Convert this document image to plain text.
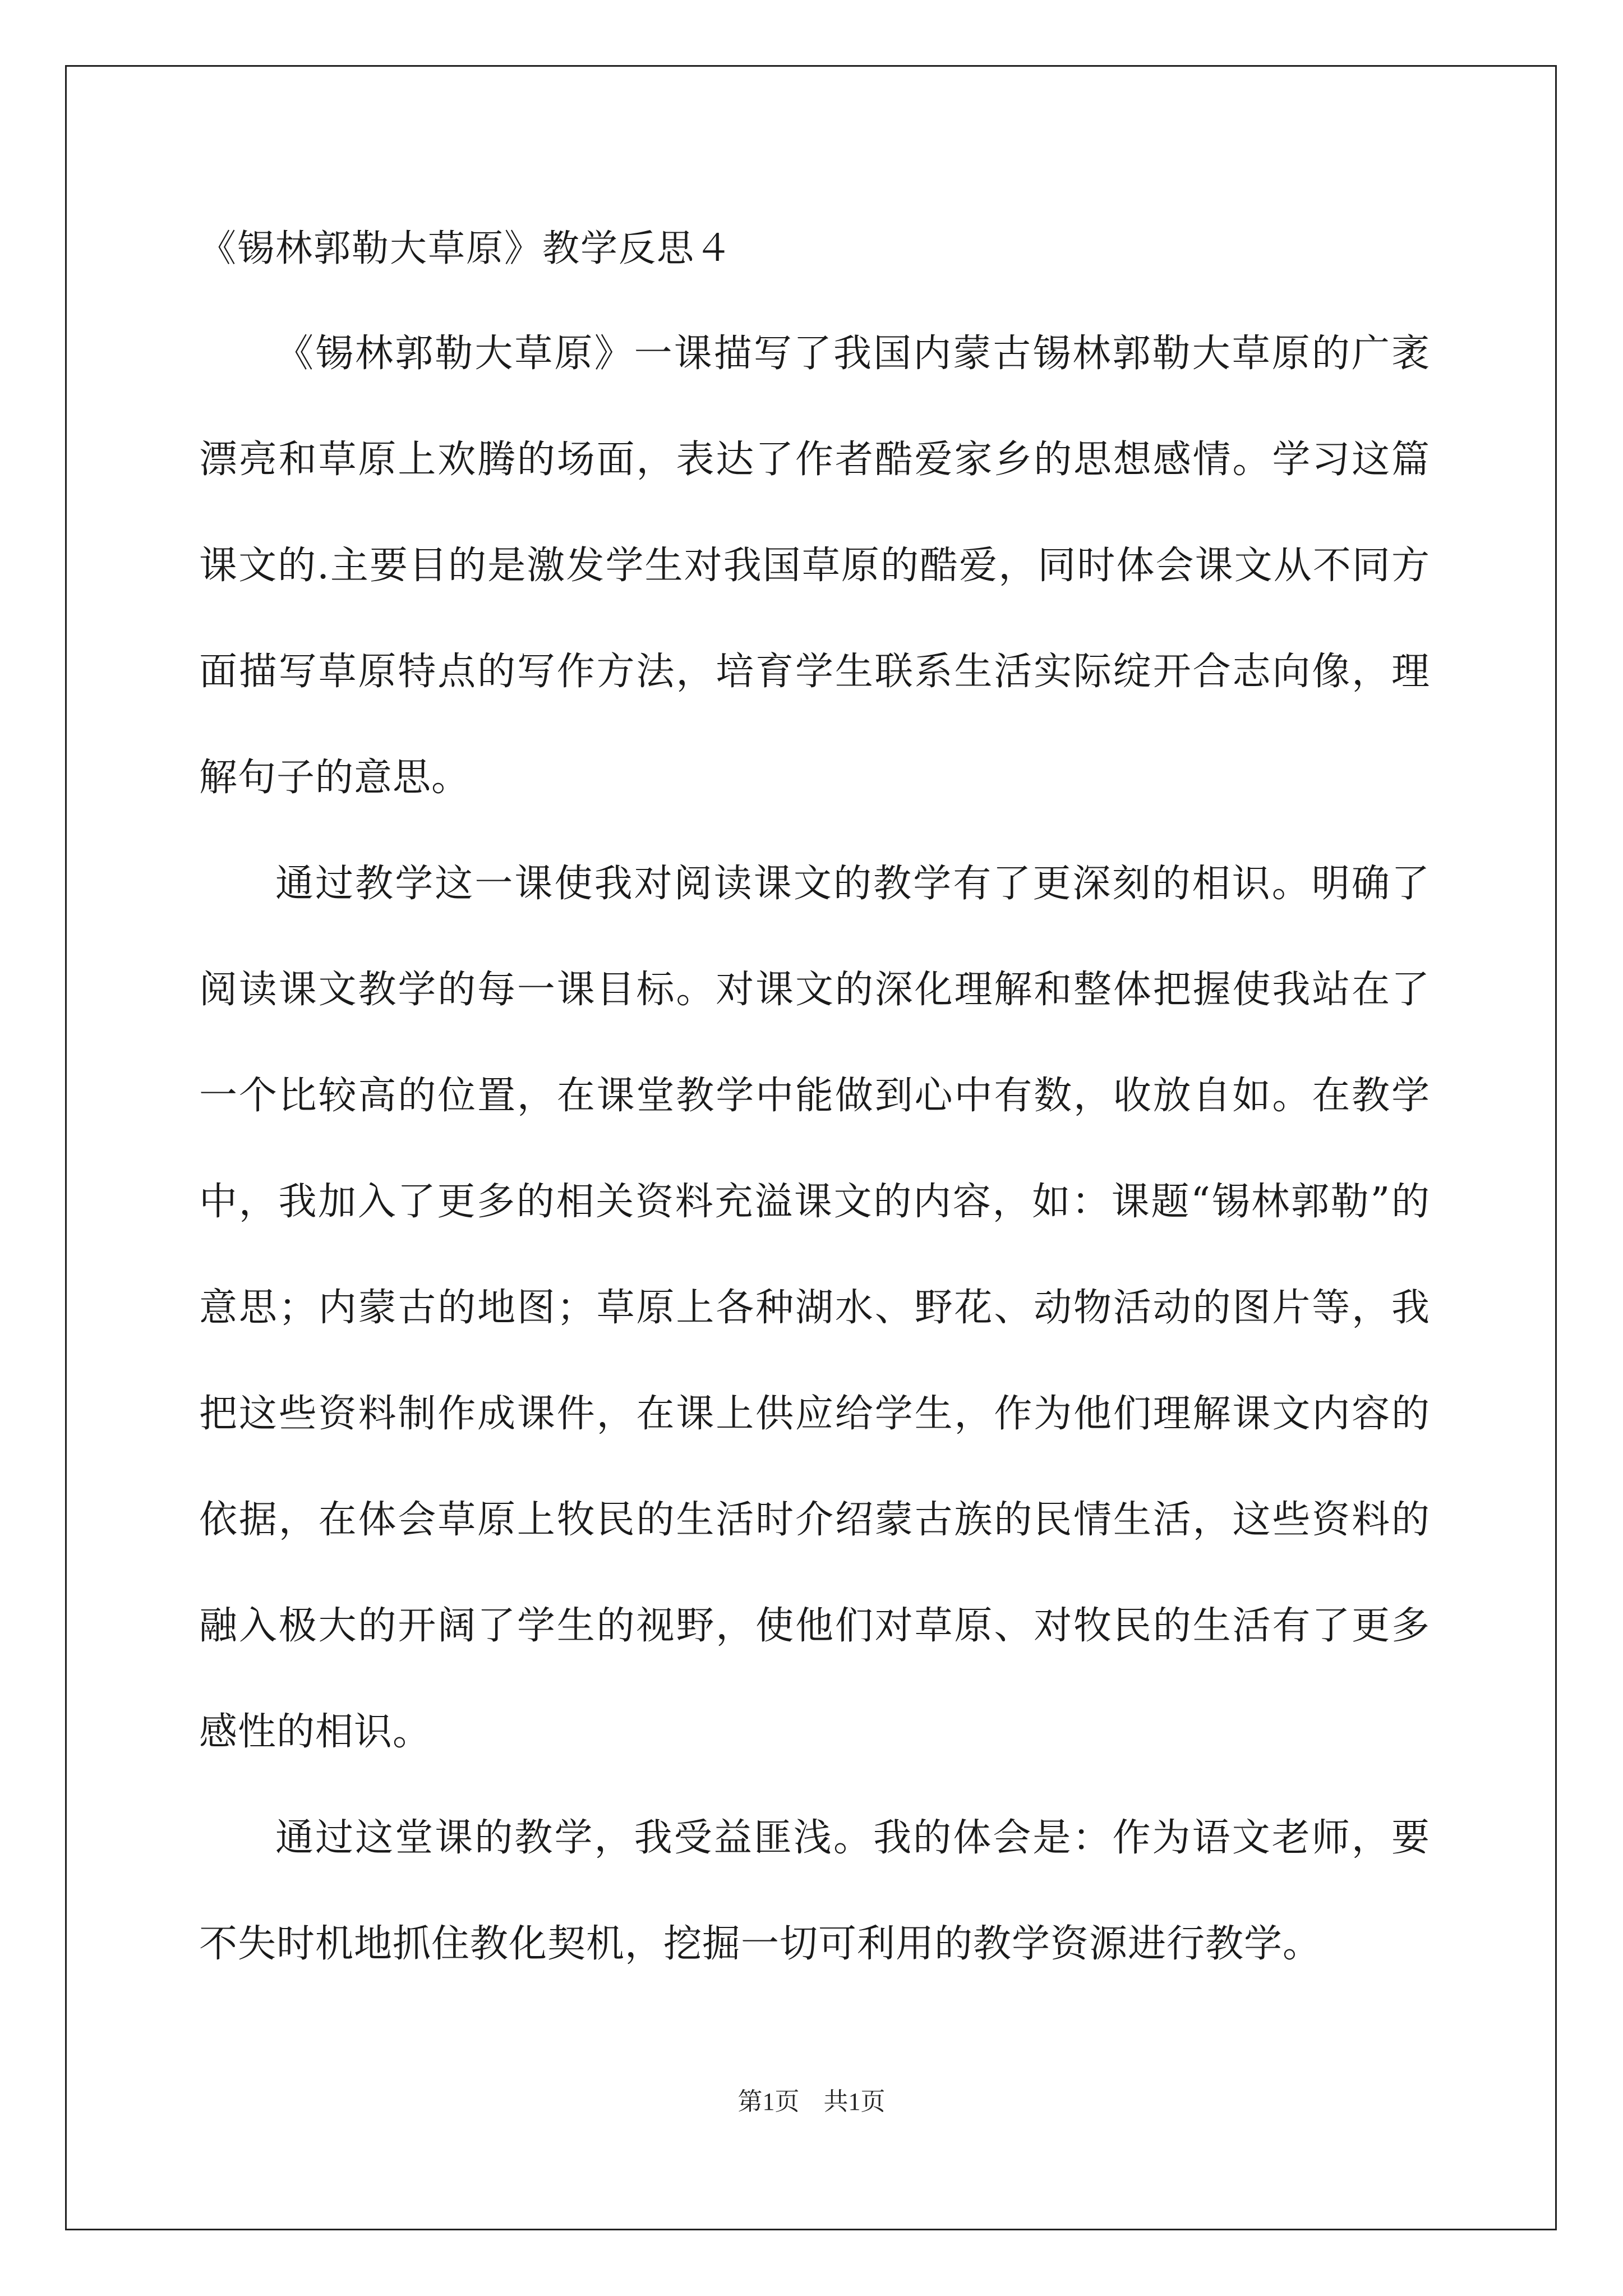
《锡林郭勒大草原》教学反思４

《锡林郭勒大草原》一课描写了我国内蒙古锡林郭勒大草原的广袤漂亮和草原上欢腾的场面，表达了作者酷爱家乡的思想感情。学习这篇课文的.主要目的是激发学生对我国草原的酷爱，同时体会课文从不同方面描写草原特点的写作方法，培育学生联系生活实际绽开合志向像，理解句子的意思。

通过教学这一课使我对阅读课文的教学有了更深刻的相识。明确了阅读课文教学的每一课目标。对课文的深化理解和整体把握使我站在了一个比较高的位置，在课堂教学中能做到心中有数，收放自如。在教学中，我加入了更多的相关资料充溢课文的内容，如：课题“锡林郭勒”的意思；内蒙古的地图；草原上各种湖水、野花、动物活动的图片等，我把这些资料制作成课件，在课上供应给学生，作为他们理解课文内容的依据，在体会草原上牧民的生活时介绍蒙古族的民情生活，这些资料的融入极大的开阔了学生的视野，使他们对草原、对牧民的生活有了更多感性的相识。

通过这堂课的教学，我受益匪浅。我的体会是：作为语文老师，要不失时机地抓住教化契机，挖掘一切可利用的教学资源进行教学。

第1页 共1页
